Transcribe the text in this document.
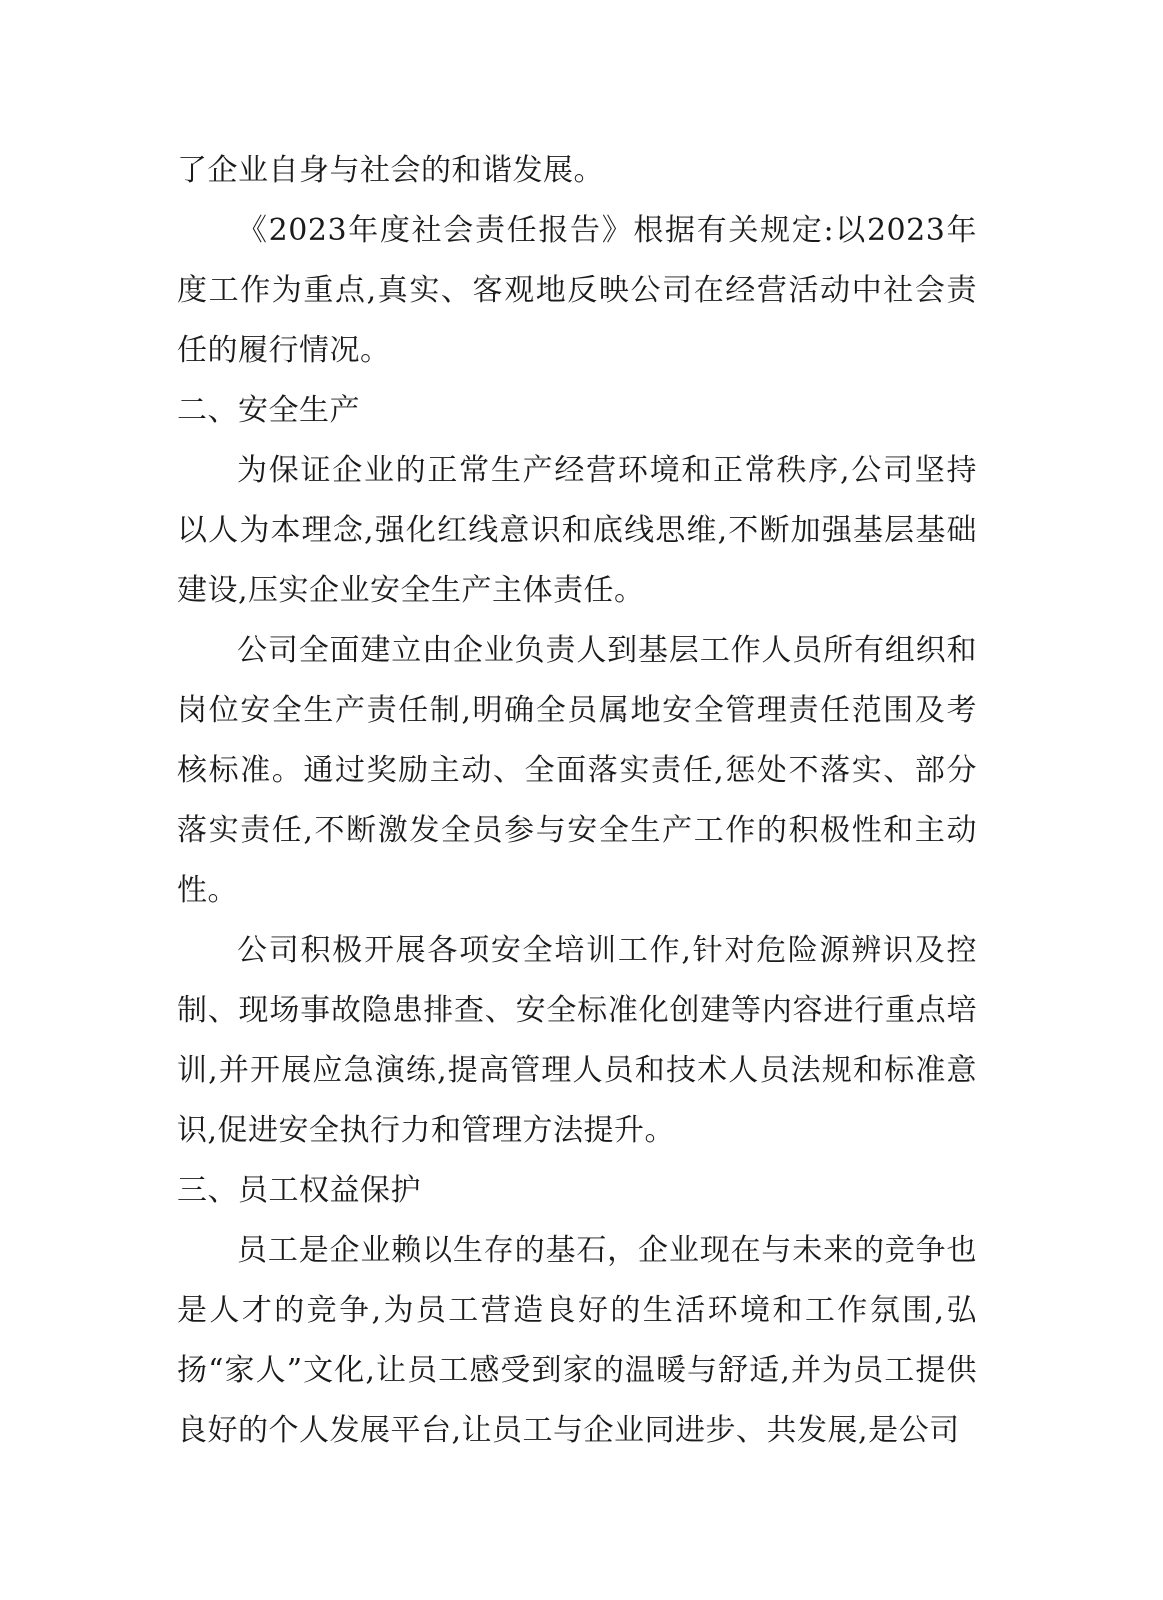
了企业自身与社会的和谐发展。

《2023年度社会责任报告》根据有关规定:以2023年度工作为重点,真实、客观地反映公司在经营活动中社会责任的履行情况。

二、安全生产

为保证企业的正常生产经营环境和正常秩序,公司坚持以人为本理念,强化红线意识和底线思维,不断加强基层基础建设,压实企业安全生产主体责任。

公司全面建立由企业负责人到基层工作人员所有组织和岗位安全生产责任制,明确全员属地安全管理责任范围及考核标准。通过奖励主动、全面落实责任,惩处不落实、部分落实责任,不断激发全员参与安全生产工作的积极性和主动性。

公司积极开展各项安全培训工作,针对危险源辨识及控制、现场事故隐患排查、安全标准化创建等内容进行重点培训,并开展应急演练,提高管理人员和技术人员法规和标准意识,促进安全执行力和管理方法提升。

三、员工权益保护

员工是企业赖以生存的基石，企业现在与未来的竞争也是人才的竞争,为员工营造良好的生活环境和工作氛围,弘扬“家人”文化,让员工感受到家的温暖与舒适,并为员工提供良好的个人发展平台,让员工与企业同进步、共发展,是公司
